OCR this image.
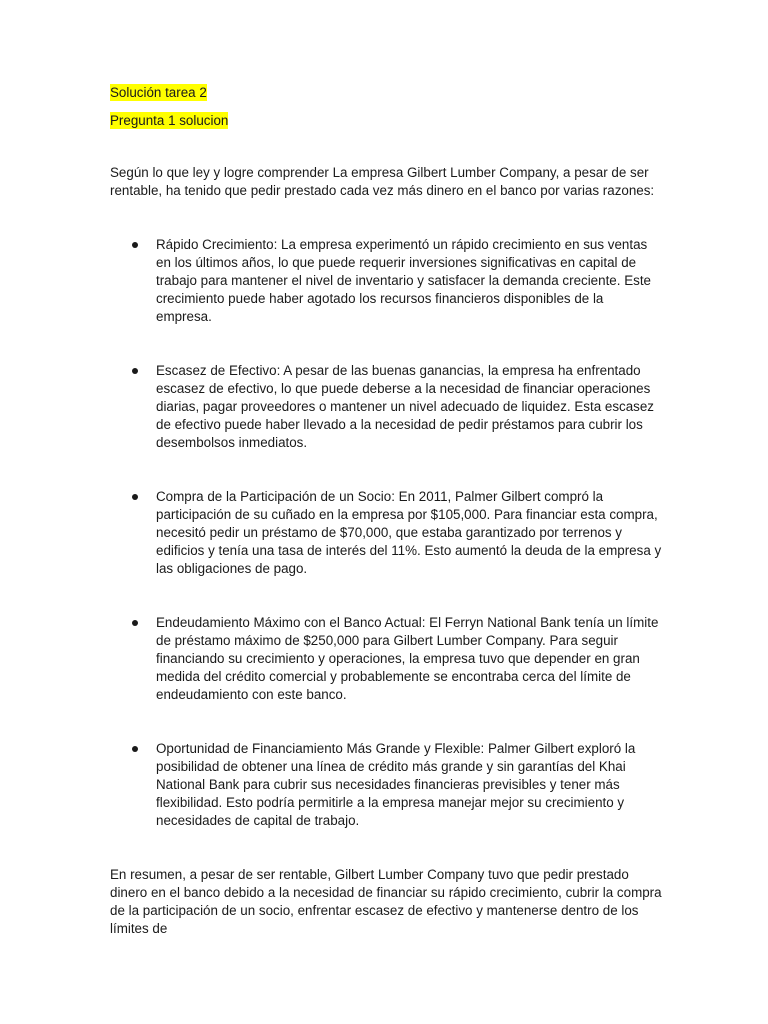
Solución tarea 2
Pregunta 1 solucion

Según lo que ley y logre comprender La empresa Gilbert Lumber Company, a pesar de ser rentable, ha tenido que pedir prestado cada vez más dinero en el banco por varias razones:

Rápido Crecimiento: La empresa experimentó un rápido crecimiento en sus ventas en los últimos años, lo que puede requerir inversiones significativas en capital de trabajo para mantener el nivel de inventario y satisfacer la demanda creciente. Este crecimiento puede haber agotado los recursos financieros disponibles de la empresa.
Escasez de Efectivo: A pesar de las buenas ganancias, la empresa ha enfrentado escasez de efectivo, lo que puede deberse a la necesidad de financiar operaciones diarias, pagar proveedores o mantener un nivel adecuado de liquidez. Esta escasez de efectivo puede haber llevado a la necesidad de pedir préstamos para cubrir los desembolsos inmediatos.
Compra de la Participación de un Socio: En 2011, Palmer Gilbert compró la participación de su cuñado en la empresa por $105,000. Para financiar esta compra, necesitó pedir un préstamo de $70,000, que estaba garantizado por terrenos y edificios y tenía una tasa de interés del 11%. Esto aumentó la deuda de la empresa y las obligaciones de pago.
Endeudamiento Máximo con el Banco Actual: El Ferryn National Bank tenía un límite de préstamo máximo de $250,000 para Gilbert Lumber Company. Para seguir financiando su crecimiento y operaciones, la empresa tuvo que depender en gran medida del crédito comercial y probablemente se encontraba cerca del límite de endeudamiento con este banco.
Oportunidad de Financiamiento Más Grande y Flexible: Palmer Gilbert exploró la posibilidad de obtener una línea de crédito más grande y sin garantías del Khai National Bank para cubrir sus necesidades financieras previsibles y tener más flexibilidad. Esto podría permitirle a la empresa manejar mejor su crecimiento y necesidades de capital de trabajo.

En resumen, a pesar de ser rentable, Gilbert Lumber Company tuvo que pedir prestado dinero en el banco debido a la necesidad de financiar su rápido crecimiento, cubrir la compra de la participación de un socio, enfrentar escasez de efectivo y mantenerse dentro de los límites de
